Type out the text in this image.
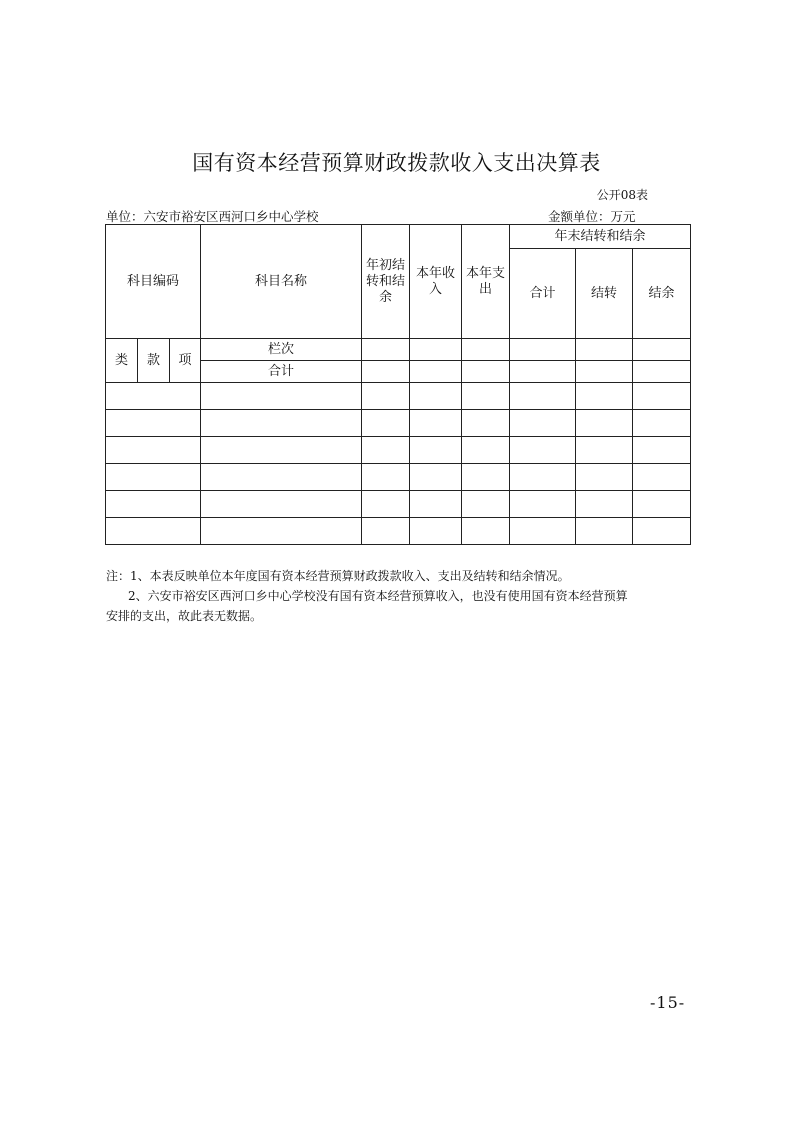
国有资本经营预算财政拨款收入支出决算表
公开08表
单位：六安市裕安区西河口乡中心学校	金额单位：万元
科目编码			科目名称	年初结转和结余	本年收入	本年支出	年末结转和结余		
							合计	结转	结余
类	款	项	栏次						
			合计						

注：1、本表反映单位本年度国有资本经营预算财政拨款收入、支出及结转和结余情况。
2、六安市裕安区西河口乡中心学校没有国有资本经营预算收入，也没有使用国有资本经营预算
安排的支出，故此表无数据。
-15-
